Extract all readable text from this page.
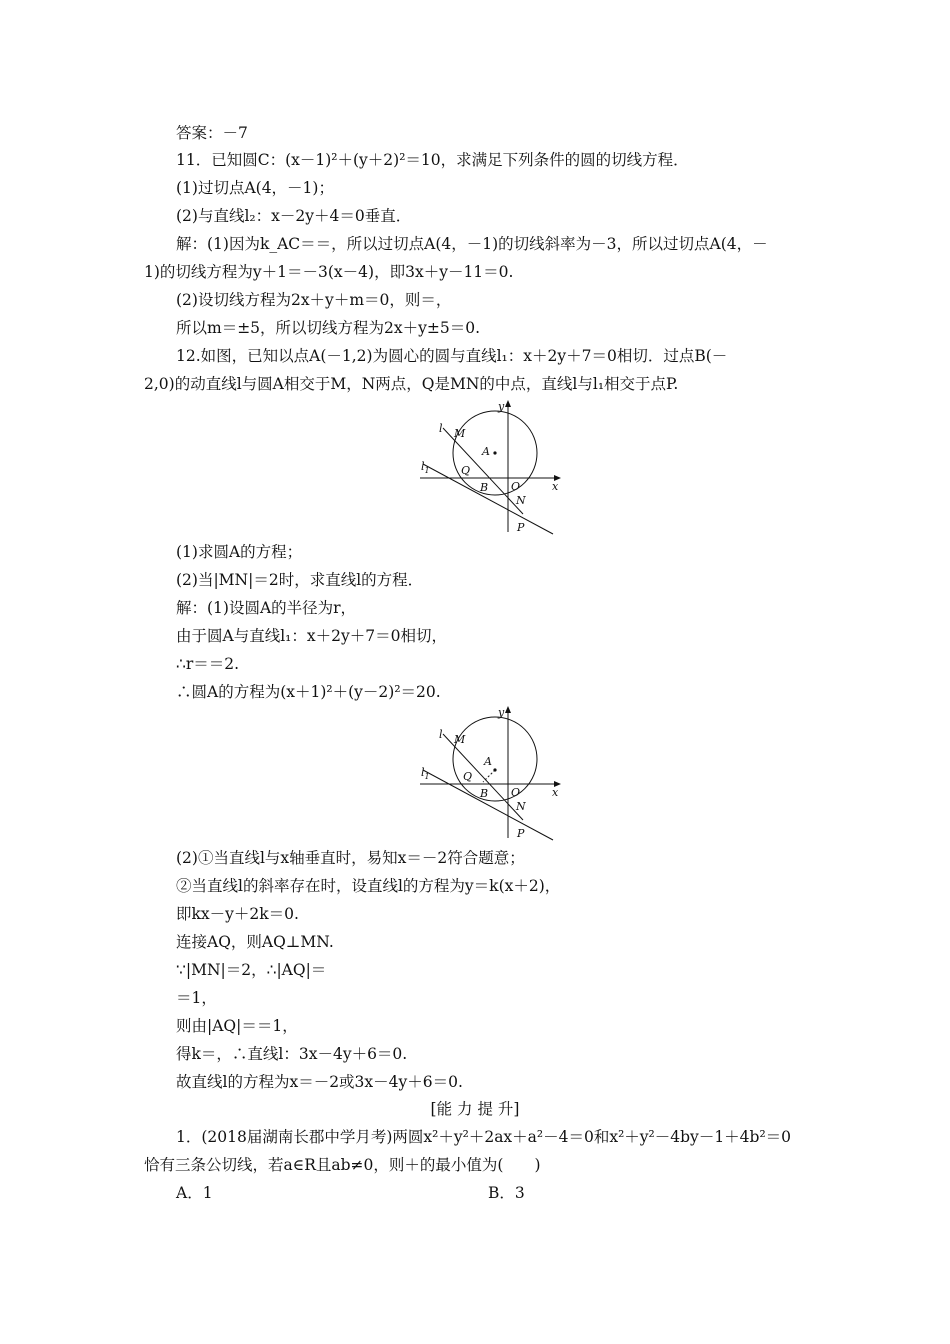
答案：－7
11．已知圆C：(x－1)²＋(y＋2)²＝10，求满足下列条件的圆的切线方程．
(1)过切点A(4，－1)；
(2)与直线l₂：x－2y＋4＝0垂直．
解：(1)因为k_AC＝＝，所以过切点A(4，－1)的切线斜率为－3，所以过切点A(4，－
1)的切线方程为y＋1＝－3(x－4)，即3x＋y－11＝0.
(2)设切线方程为2x＋y＋m＝0，则＝，
所以m＝±5，所以切线方程为2x＋y±5＝0.
12.如图，已知以点A(－1,2)为圆心的圆与直线l₁：x＋2y＋7＝0相切．过点B(－
2,0)的动直线l与圆A相交于M，N两点，Q是MN的中点，直线l与l₁相交于点P.
y
l M
A
$l_1$	Q
B O	x
N
P
(1)求圆A的方程；
(2)当|MN|＝2时，求直线l的方程．
解：(1)设圆A的半径为r，
由于圆A与直线l₁：x＋2y＋7＝0相切，
∴r＝＝2.
∴圆A的方程为(x＋1)²＋(y－2)²＝20.
y
l M
A
$l_1$	Q
B O	x
N
P
(2)①当直线l与x轴垂直时，易知x＝－2符合题意；
②当直线l的斜率存在时，设直线l的方程为y＝k(x＋2)，
即kx－y＋2k＝0.
连接AQ，则AQ⊥MN.
∵|MN|＝2，∴|AQ|＝
＝1，
则由|AQ|＝＝1，
得k＝，∴直线l：3x－4y＋6＝0.
故直线l的方程为x＝－2或3x－4y＋6＝0.
[能 力 提 升]
1．(2018届湖南长郡中学月考)两圆x²＋y²＋2ax＋a²－4＝0和x²＋y²－4by－1＋4b²＝0
恰有三条公切线，若a∈R且ab≠0，则＋的最小值为(　　)
A．1	B．3
